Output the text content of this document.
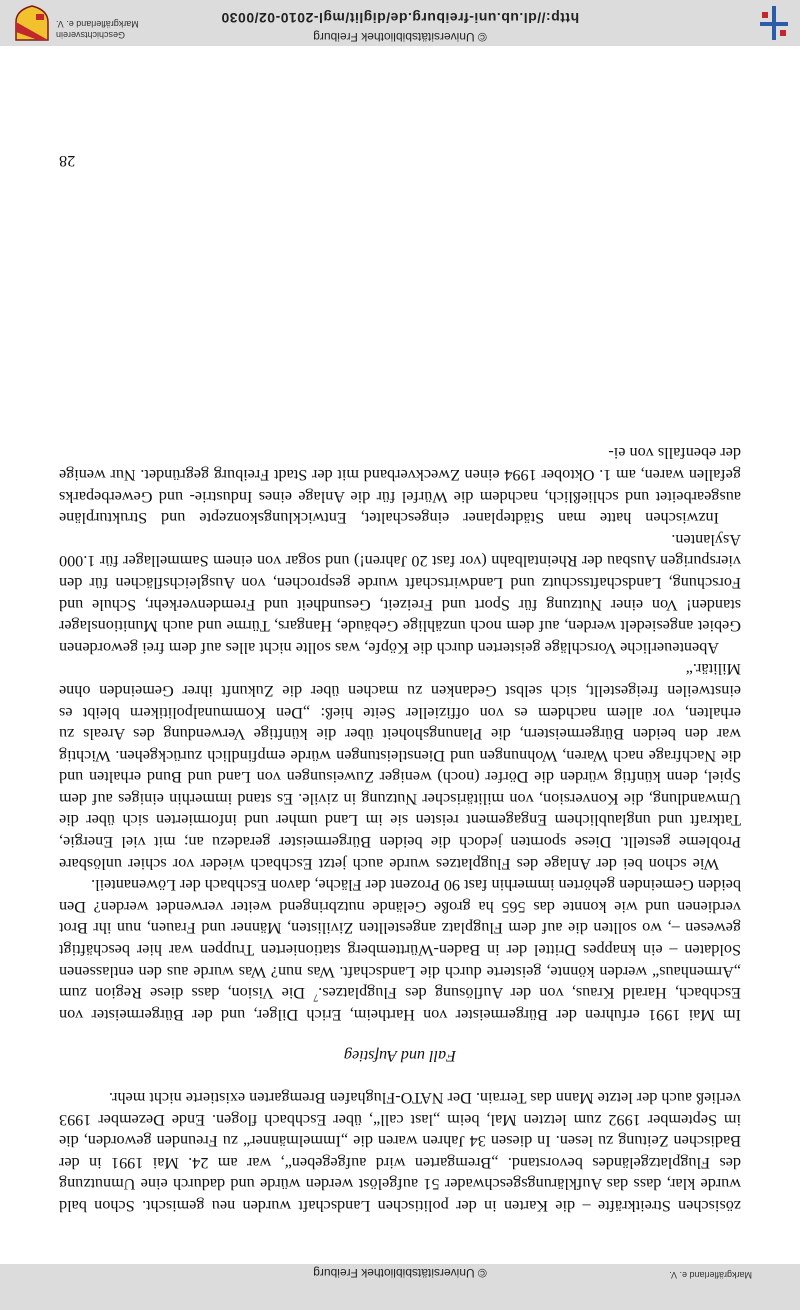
Markgräflerland e. V.
© Universitätsbibliothek Freiburg

zösischen Streitkräfte – die Karten in der politischen Landschaft wurden neu gemischt. Schon bald wurde klar, dass das Aufklärungsgeschwader 51 aufgelöst werden würde und dadurch eine Umnutzung des Flugplatzgeländes bevorstand. „Bremgarten wird aufgegeben“, war am 24. Mai 1991 in der Badischen Zeitung zu lesen. In diesen 34 Jahren waren die „Immelmänner“ zu Freunden geworden, die im September 1992 zum letzten Mal, beim „last call“, über Eschbach flogen. Ende Dezember 1993 verließ auch der letzte Mann das Terrain. Der NATO-Flughafen Bremgarten existierte nicht mehr.

Fall und Aufstieg

Im Mai 1991 erfuhren der Bürgermeister von Hartheim, Erich Dilger, und der Bürgermeister von Eschbach, Harald Kraus, von der Auflösung des Flugplatzes.$^7$ Die Vision, dass diese Region zum „Armenhaus“ werden könnte, geisterte durch die Landschaft. Was nun? Was wurde aus den entlassenen Soldaten – ein knappes Drittel der in Baden-Württemberg stationierten Truppen war hier beschäftigt gewesen –, wo sollten die auf dem Flugplatz angestellten Zivilisten, Männer und Frauen, nun ihr Brot verdienen und wie konnte das 565 ha große Gelände nutzbringend weiter verwendet werden? Den beiden Gemeinden gehörten immerhin fast 90 Prozent der Fläche, davon Eschbach der Löwenanteil.

Wie schon bei der Anlage des Flugplatzes wurde auch jetzt Eschbach wieder vor schier unlösbare Probleme gestellt. Diese spornten jedoch die beiden Bürgermeister geradezu an; mit viel Energie, Tatkraft und unglaublichem Engagement reisten sie im Land umher und informierten sich über die Umwandlung, die Konversion, von militärischer Nutzung in zivile. Es stand immerhin einiges auf dem Spiel, denn künftig würden die Dörfer (noch) weniger Zuweisungen von Land und Bund erhalten und die Nachfrage nach Waren, Wohnungen und Dienstleistungen würde empfindlich zurückgehen. Wichtig war den beiden Bürgermeistern, die Planungshoheit über die künftige Verwendung des Areals zu erhalten, vor allem nachdem es von offizieller Seite hieß: „Den Kommunalpolitikern bleibt es einstweilen freigestellt, sich selbst Gedanken zu machen über die Zukunft ihrer Gemeinden ohne Militär.“

Abenteuerliche Vorschläge geisterten durch die Köpfe, was sollte nicht alles auf dem frei gewordenen Gebiet angesiedelt werden, auf dem noch unzählige Gebäude, Hangars, Türme und auch Munitionslager standen! Von einer Nutzung für Sport und Freizeit, Gesundheit und Fremdenverkehr, Schule und Forschung, Landschaftsschutz und Landwirtschaft wurde gesprochen, von Ausgleichsflächen für den vierspurigen Ausbau der Rheintalbahn (vor fast 20 Jahren!) und sogar von einem Sammellager für 1.000 Asylanten.

Inzwischen hatte man Städteplaner eingeschaltet, Entwicklungskonzepte und Strukturpläne ausgearbeitet und schließlich, nachdem die Würfel für die Anlage eines Industrie- und Gewerbeparks gefallen waren, am 1. Oktober 1994 einen Zweckverband mit der Stadt Freiburg gegründet. Nur wenige der ebenfalls von ei-

28
© Universitätsbibliothek Freiburg
http://dl.ub.uni-freiburg.de/diglit/mgl-2010-02/0030
Geschichtsverein
Markgräflerland e. V.
